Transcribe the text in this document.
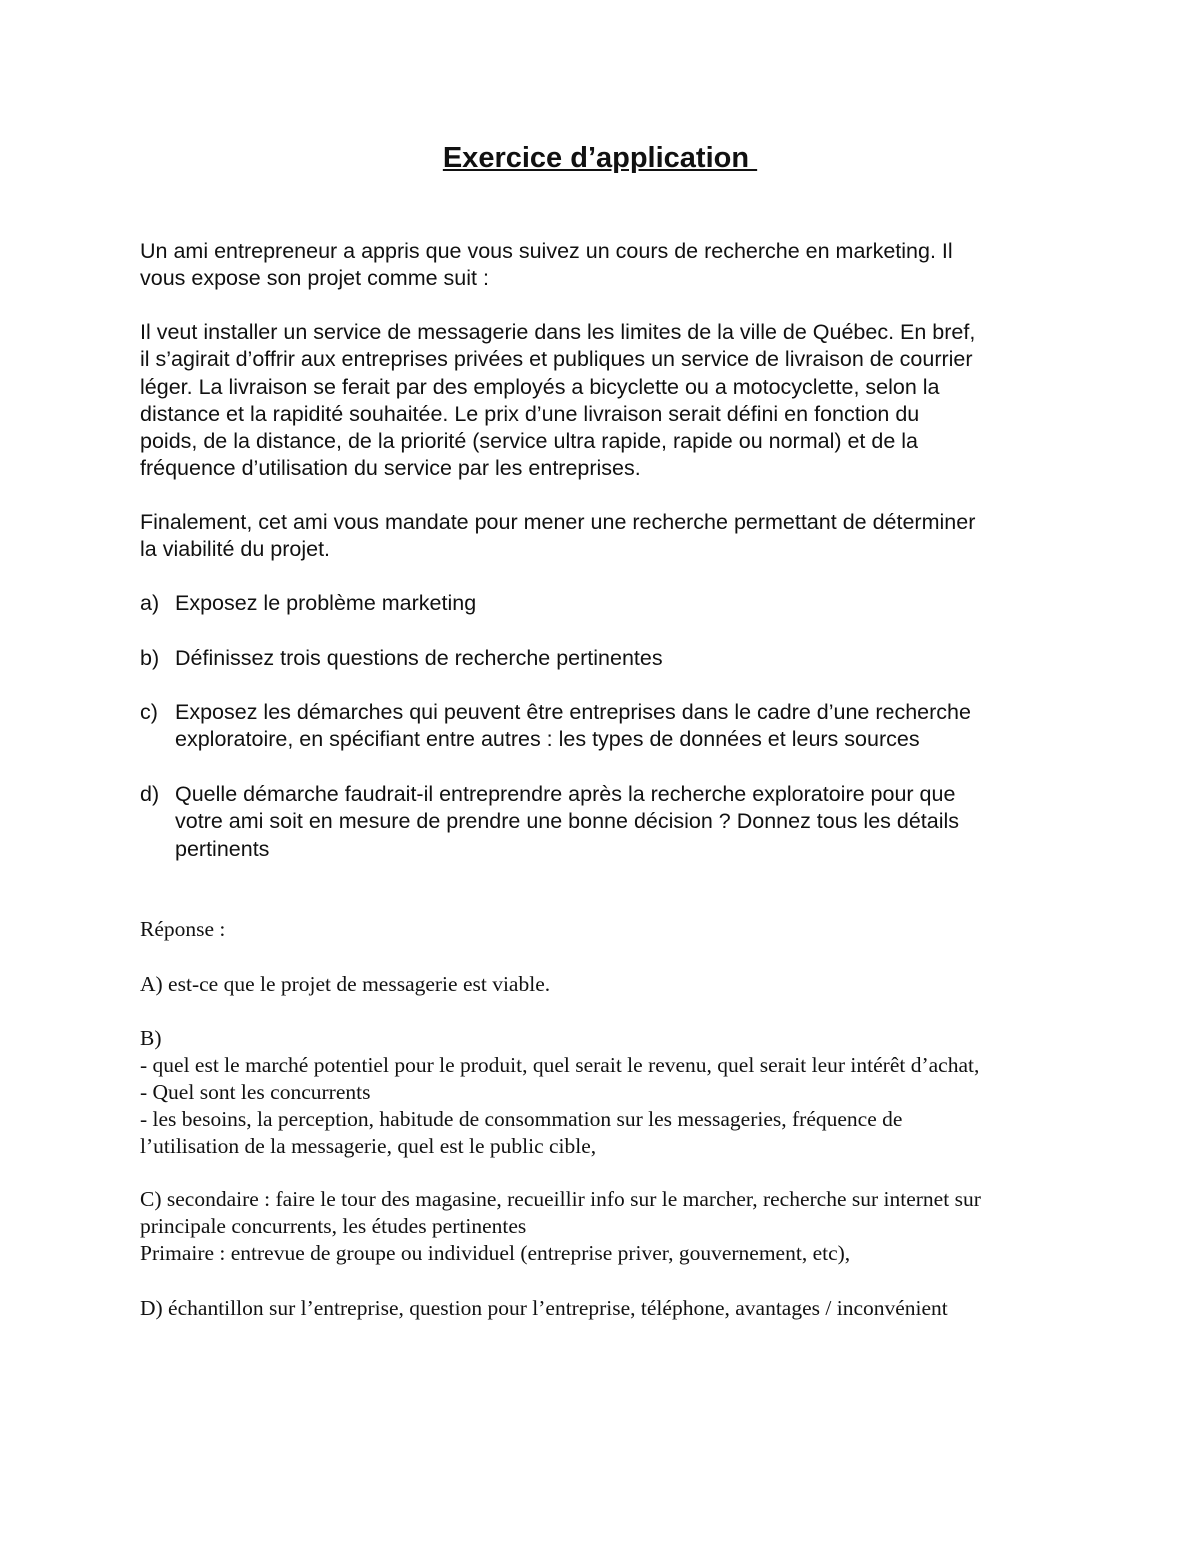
Exercice d’application
Un ami entrepreneur a appris que vous suivez un cours de recherche en marketing. Il
vous expose son projet comme suit :
Il veut installer un service de messagerie dans les limites de la ville de Québec. En bref,
il s’agirait d’offrir aux entreprises privées et publiques un service de livraison de courrier
léger. La livraison se ferait par des employés a bicyclette ou a motocyclette, selon la
distance et la rapidité souhaitée. Le prix d’une livraison serait défini en fonction du
poids, de la distance, de la priorité (service ultra rapide, rapide ou normal) et de la
fréquence d’utilisation du service par les entreprises.
Finalement, cet ami vous mandate pour mener une recherche permettant de déterminer
la viabilité du projet.
a) Exposez le problème marketing
b) Définissez trois questions de recherche pertinentes
c) Exposez les démarches qui peuvent être entreprises dans le cadre d’une recherche
exploratoire, en spécifiant entre autres : les types de données et leurs sources
d) Quelle démarche faudrait-il entreprendre après la recherche exploratoire pour que
votre ami soit en mesure de prendre une bonne décision ? Donnez tous les détails
pertinents
Réponse :
A) est-ce que le projet de messagerie est viable.
B)
- quel est le marché potentiel pour le produit, quel serait le revenu, quel serait leur intérêt d’achat,
- Quel sont les concurrents
- les besoins, la perception, habitude de consommation sur les messageries, fréquence de
l’utilisation de la messagerie, quel est le public cible,
C) secondaire : faire le tour des magasine, recueillir info sur le marcher, recherche sur internet sur
principale concurrents, les études pertinentes
Primaire : entrevue de groupe ou individuel (entreprise priver, gouvernement, etc),
D) échantillon sur l’entreprise, question pour l’entreprise, téléphone, avantages / inconvénient
